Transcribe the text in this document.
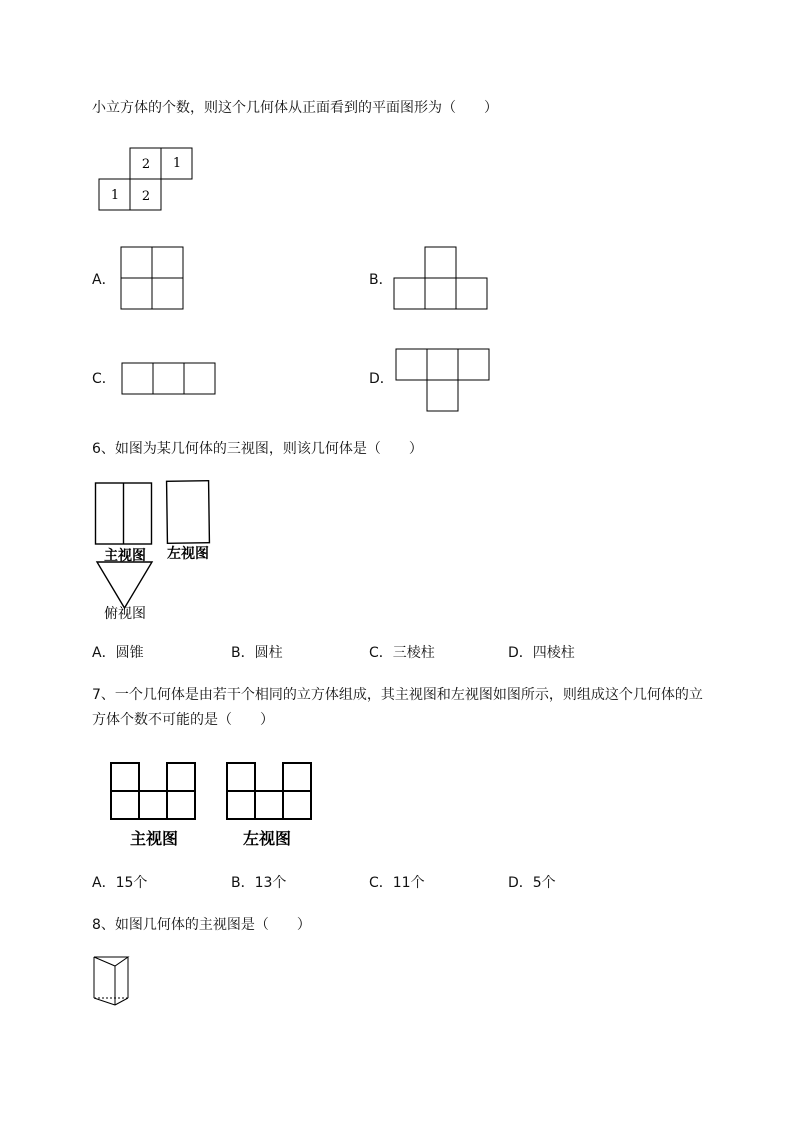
小立方体的个数，则这个几何体从正面看到的平面图形为（　　）
2 1
1 2
A．	B．
C．	D．
6、如图为某几何体的三视图，则该几何体是（　　）
主视图 左视图
俯视图
A．圆锥	B．圆柱	C．三棱柱	D．四棱柱
7、一个几何体是由若干个相同的立方体组成，其主视图和左视图如图所示，则组成这个几何体的立
方体个数不可能的是（　　）
主视图	左视图
A．15个	B．13个	C．11个	D．5个
8、如图几何体的主视图是（　　）
